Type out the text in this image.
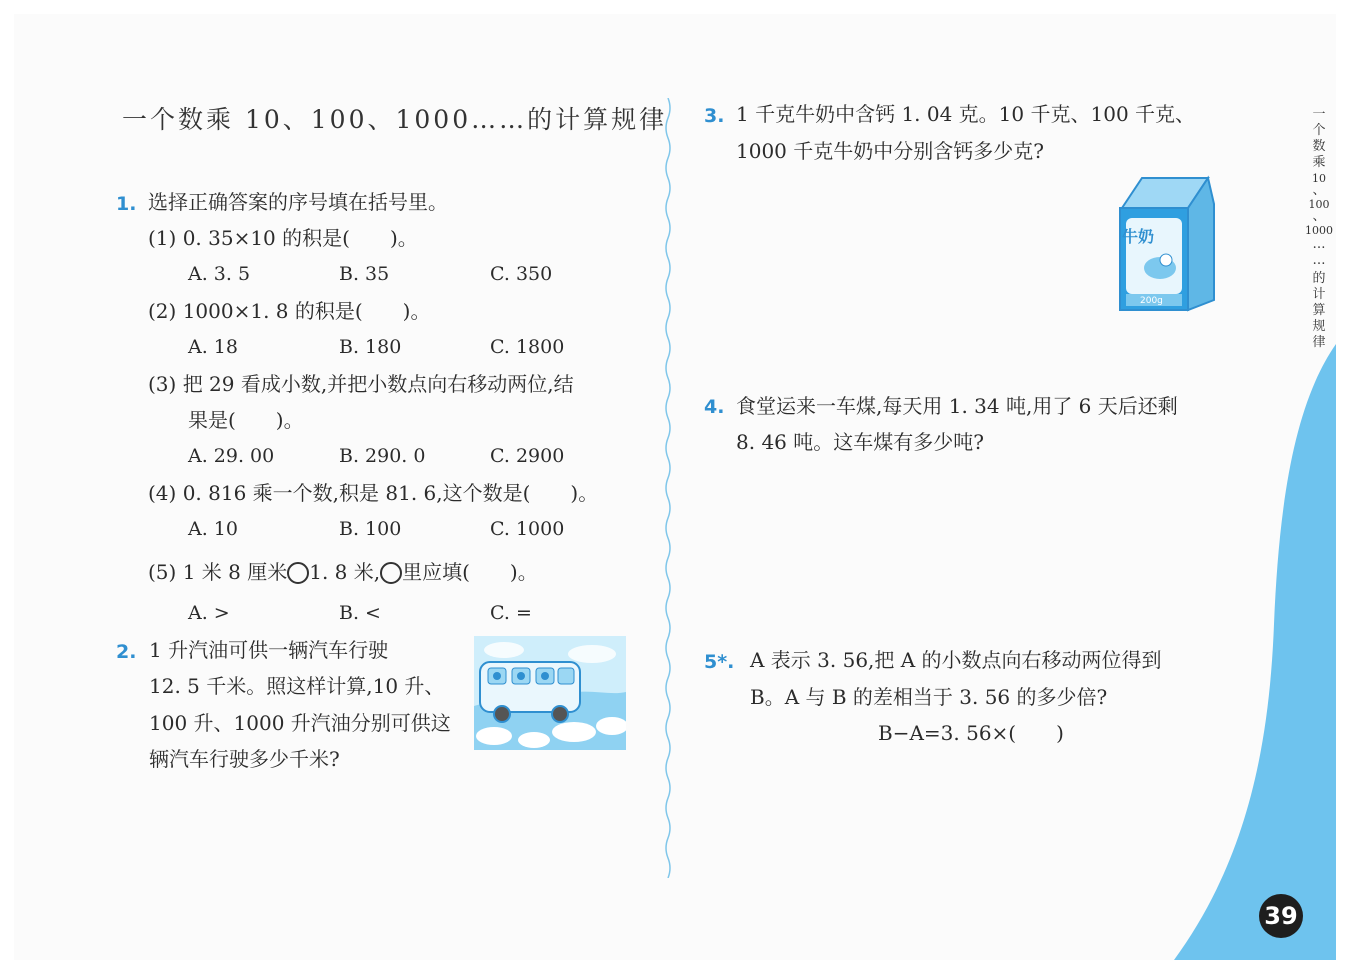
一个数乘 10、100、1000……的计算规律
1. 选择正确答案的序号填在括号里。
(1) 0. 35×10 的积是(　　)。
A. 3. 5	B. 35	C. 350
(2) 1000×1. 8 的积是(　　)。
A. 18	B. 180	C. 1800
(3) 把 29 看成小数,并把小数点向右移动两位,结
果是(　　)。
A. 29. 00	B. 290. 0	C. 2900
(4) 0. 816 乘一个数,积是 81. 6,这个数是(　　)。
A. 10	B. 100	C. 1000
(5) 1 米 8 厘米 1. 8 米, 里应填(　　)。
A. >	B. <	C. =
2. 1 升汽油可供一辆汽车行驶
12. 5 千米。照这样计算,10 升、
100 升、1000 升汽油分别可供这
辆汽车行驶多少千米?
3. 1 千克牛奶中含钙 1. 04 克。10 千克、100 千克、
1000 千克牛奶中分别含钙多少克?
牛奶
200g
4. 食堂运来一车煤,每天用 1. 34 吨,用了 6 天后还剩
8. 46 吨。这车煤有多少吨?
5*. A 表示 3. 56,把 A 的小数点向右移动两位得到
B。A 与 B 的差相当于 3. 56 的多少倍?
B−A=3. 56×(　　)
一
个
数
乘
10
、
100
、
1000
…
…
的
计
算
规
律
39
